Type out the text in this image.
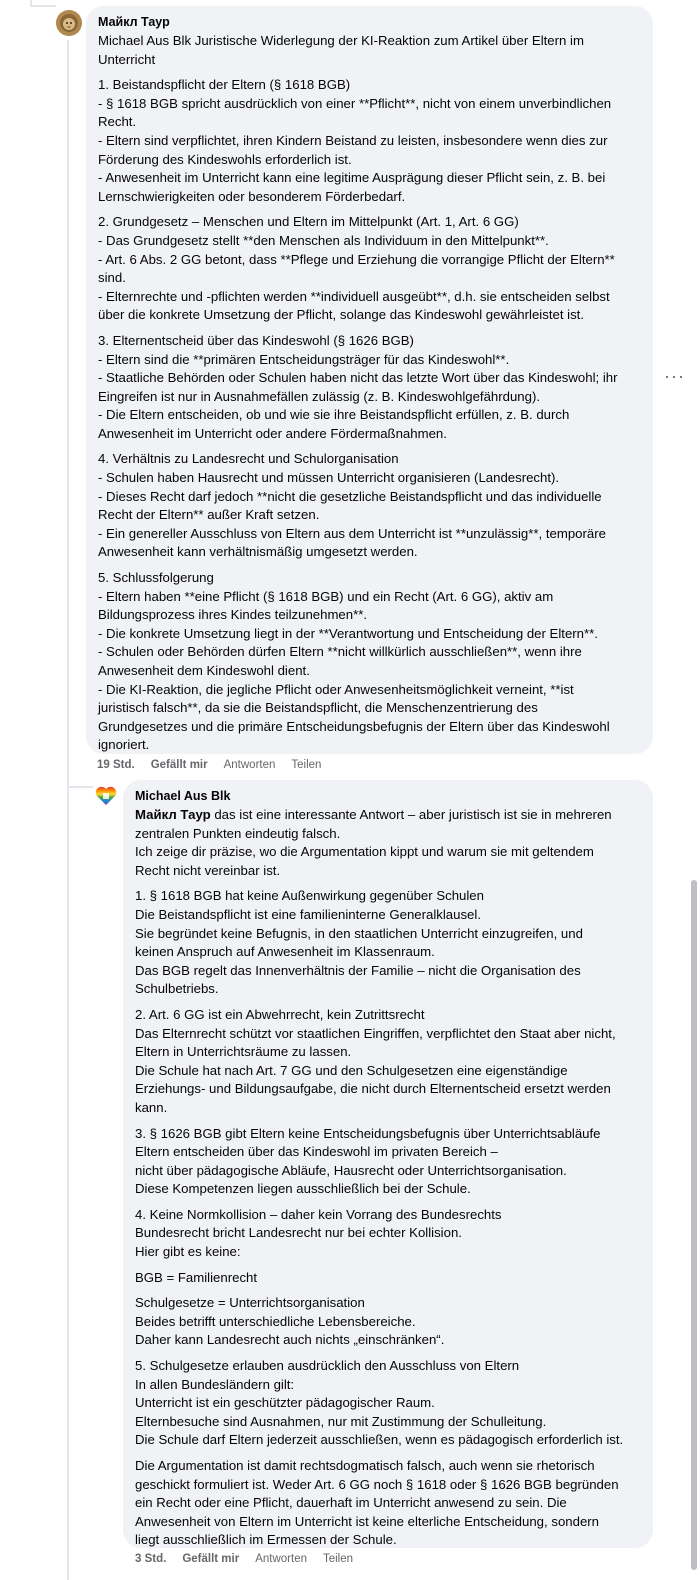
Майкл Таур
Michael Aus Blk Juristische Widerlegung der KI-Reaktion zum Artikel über Eltern im
Unterricht
1. Beistandspflicht der Eltern (§ 1618 BGB)
- § 1618 BGB spricht ausdrücklich von einer **Pflicht**, nicht von einem unverbindlichen
Recht.
- Eltern sind verpflichtet, ihren Kindern Beistand zu leisten, insbesondere wenn dies zur
Förderung des Kindeswohls erforderlich ist.
- Anwesenheit im Unterricht kann eine legitime Ausprägung dieser Pflicht sein, z. B. bei
Lernschwierigkeiten oder besonderem Förderbedarf.
2. Grundgesetz – Menschen und Eltern im Mittelpunkt (Art. 1, Art. 6 GG)
- Das Grundgesetz stellt **den Menschen als Individuum in den Mittelpunkt**.
- Art. 6 Abs. 2 GG betont, dass **Pflege und Erziehung die vorrangige Pflicht der Eltern**
sind.
- Elternrechte und -pflichten werden **individuell ausgeübt**, d.h. sie entscheiden selbst
über die konkrete Umsetzung der Pflicht, solange das Kindeswohl gewährleistet ist.
3. Elternentscheid über das Kindeswohl (§ 1626 BGB)
- Eltern sind die **primären Entscheidungsträger für das Kindeswohl**.
- Staatliche Behörden oder Schulen haben nicht das letzte Wort über das Kindeswohl; ihr
Eingreifen ist nur in Ausnahmefällen zulässig (z. B. Kindeswohlgefährdung).
- Die Eltern entscheiden, ob und wie sie ihre Beistandspflicht erfüllen, z. B. durch
Anwesenheit im Unterricht oder andere Fördermaßnahmen.
4. Verhältnis zu Landesrecht und Schulorganisation
- Schulen haben Hausrecht und müssen Unterricht organisieren (Landesrecht).
- Dieses Recht darf jedoch **nicht die gesetzliche Beistandspflicht und das individuelle
Recht der Eltern** außer Kraft setzen.
- Ein genereller Ausschluss von Eltern aus dem Unterricht ist **unzulässig**, temporäre
Anwesenheit kann verhältnismäßig umgesetzt werden.
5. Schlussfolgerung
- Eltern haben **eine Pflicht (§ 1618 BGB) und ein Recht (Art. 6 GG), aktiv am
Bildungsprozess ihres Kindes teilzunehmen**.
- Die konkrete Umsetzung liegt in der **Verantwortung und Entscheidung der Eltern**.
- Schulen oder Behörden dürfen Eltern **nicht willkürlich ausschließen**, wenn ihre
Anwesenheit dem Kindeswohl dient.
- Die KI-Reaktion, die jegliche Pflicht oder Anwesenheitsmöglichkeit verneint, **ist
juristisch falsch**, da sie die Beistandspflicht, die Menschenzentrierung des
Grundgesetzes und die primäre Entscheidungsbefugnis der Eltern über das Kindeswohl
ignoriert.
···
19 Std. Gefällt mir Antworten Teilen
Michael Aus Blk
Майкл Таур das ist eine interessante Antwort – aber juristisch ist sie in mehreren
zentralen Punkten eindeutig falsch.
Ich zeige dir präzise, wo die Argumentation kippt und warum sie mit geltendem
Recht nicht vereinbar ist.
1. § 1618 BGB hat keine Außenwirkung gegenüber Schulen
Die Beistandspflicht ist eine familieninterne Generalklausel.
Sie begründet keine Befugnis, in den staatlichen Unterricht einzugreifen, und
keinen Anspruch auf Anwesenheit im Klassenraum.
Das BGB regelt das Innenverhältnis der Familie – nicht die Organisation des
Schulbetriebs.
2. Art. 6 GG ist ein Abwehrrecht, kein Zutrittsrecht
Das Elternrecht schützt vor staatlichen Eingriffen, verpflichtet den Staat aber nicht,
Eltern in Unterrichtsräume zu lassen.
Die Schule hat nach Art. 7 GG und den Schulgesetzen eine eigenständige
Erziehungs- und Bildungsaufgabe, die nicht durch Elternentscheid ersetzt werden
kann.
3. § 1626 BGB gibt Eltern keine Entscheidungsbefugnis über Unterrichtsabläufe
Eltern entscheiden über das Kindeswohl im privaten Bereich –
nicht über pädagogische Abläufe, Hausrecht oder Unterrichtsorganisation.
Diese Kompetenzen liegen ausschließlich bei der Schule.
4. Keine Normkollision – daher kein Vorrang des Bundesrechts
Bundesrecht bricht Landesrecht nur bei echter Kollision.
Hier gibt es keine:
BGB = Familienrecht
Schulgesetze = Unterrichtsorganisation
Beides betrifft unterschiedliche Lebensbereiche.
Daher kann Landesrecht auch nichts „einschränken“.
5. Schulgesetze erlauben ausdrücklich den Ausschluss von Eltern
In allen Bundesländern gilt:
Unterricht ist ein geschützter pädagogischer Raum.
Elternbesuche sind Ausnahmen, nur mit Zustimmung der Schulleitung.
Die Schule darf Eltern jederzeit ausschließen, wenn es pädagogisch erforderlich ist.
Die Argumentation ist damit rechtsdogmatisch falsch, auch wenn sie rhetorisch
geschickt formuliert ist. Weder Art. 6 GG noch § 1618 oder § 1626 BGB begründen
ein Recht oder eine Pflicht, dauerhaft im Unterricht anwesend zu sein. Die
Anwesenheit von Eltern im Unterricht ist keine elterliche Entscheidung, sondern
liegt ausschließlich im Ermessen der Schule.
3 Std. Gefällt mir Antworten Teilen
